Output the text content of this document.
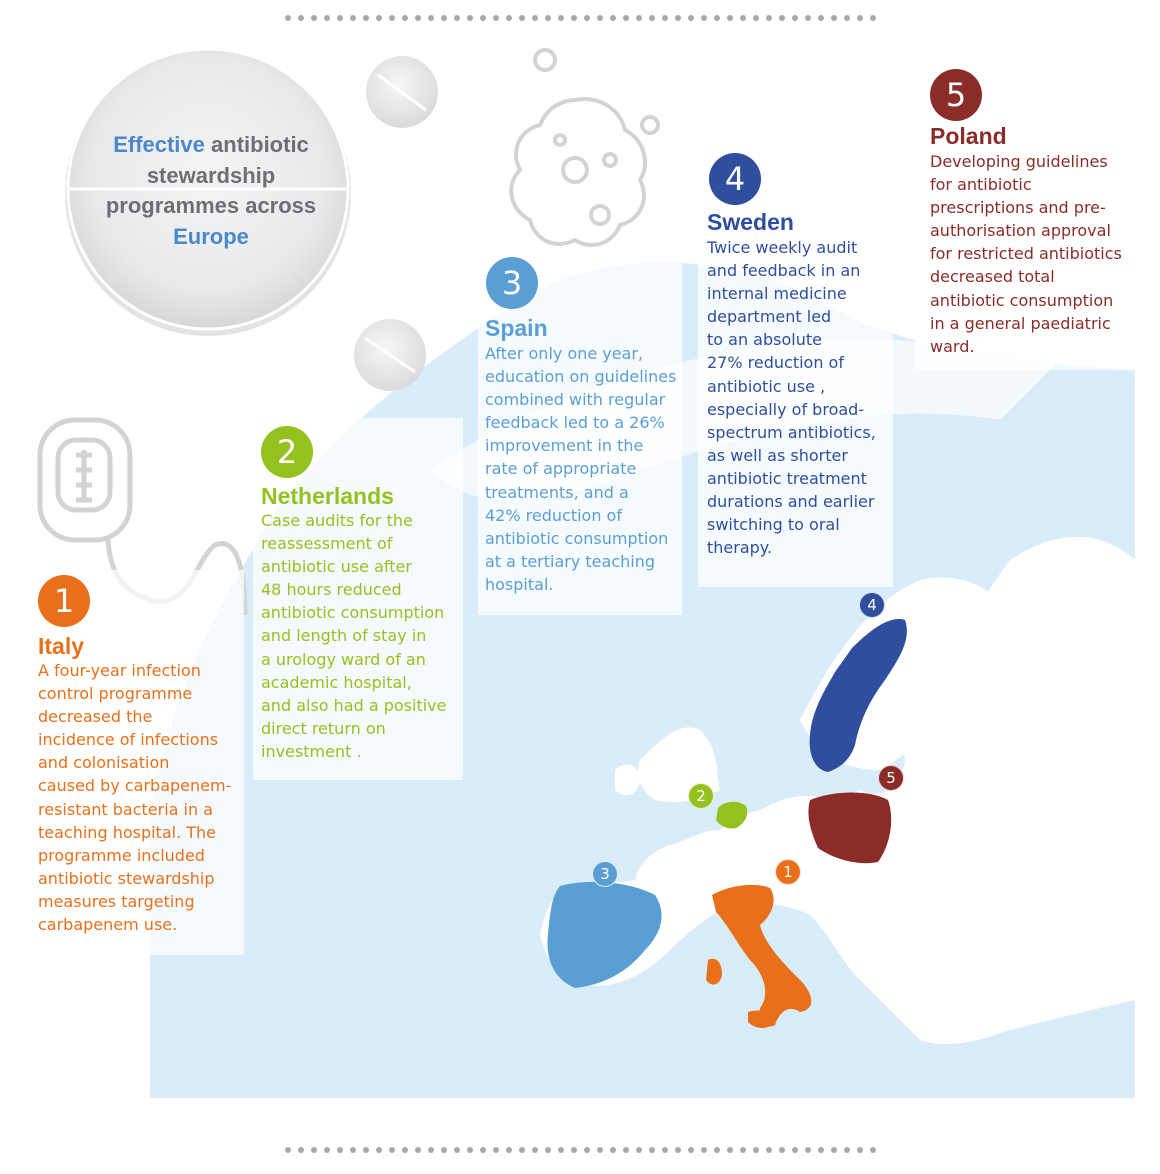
Effective antibiotic stewardship programmes across Europe
1
Italy
A four-year infection
control programme
decreased the
incidence of infections
and colonisation
caused by carbapenem-
resistant bacteria in a
teaching hospital. The
programme included
antibiotic stewardship
measures targeting
carbapenem use.
2
Netherlands
Case audits for the
reassessment of
antibiotic use after
48 hours reduced
antibiotic consumption
and length of stay in
a urology ward of an
academic hospital,
and also had a positive
direct return on
investment .
3
Spain
After only one year,
education on guidelines
combined with regular
feedback led to a 26%
improvement in the
rate of appropriate
treatments, and a
42% reduction of
antibiotic consumption
at a tertiary teaching
hospital.
4
Sweden
Twice weekly audit
and feedback in an
internal medicine
department led
to an absolute
27% reduction of
antibiotic use ,
especially of broad-
spectrum antibiotics,
as well as shorter
antibiotic treatment
durations and earlier
switching to oral
therapy.
5
Poland
Developing guidelines
for antibiotic
prescriptions and pre-
authorisation approval
for restricted antibiotics
decreased total
antibiotic consumption
in a general paediatric
ward.
1
2
3
4
5
